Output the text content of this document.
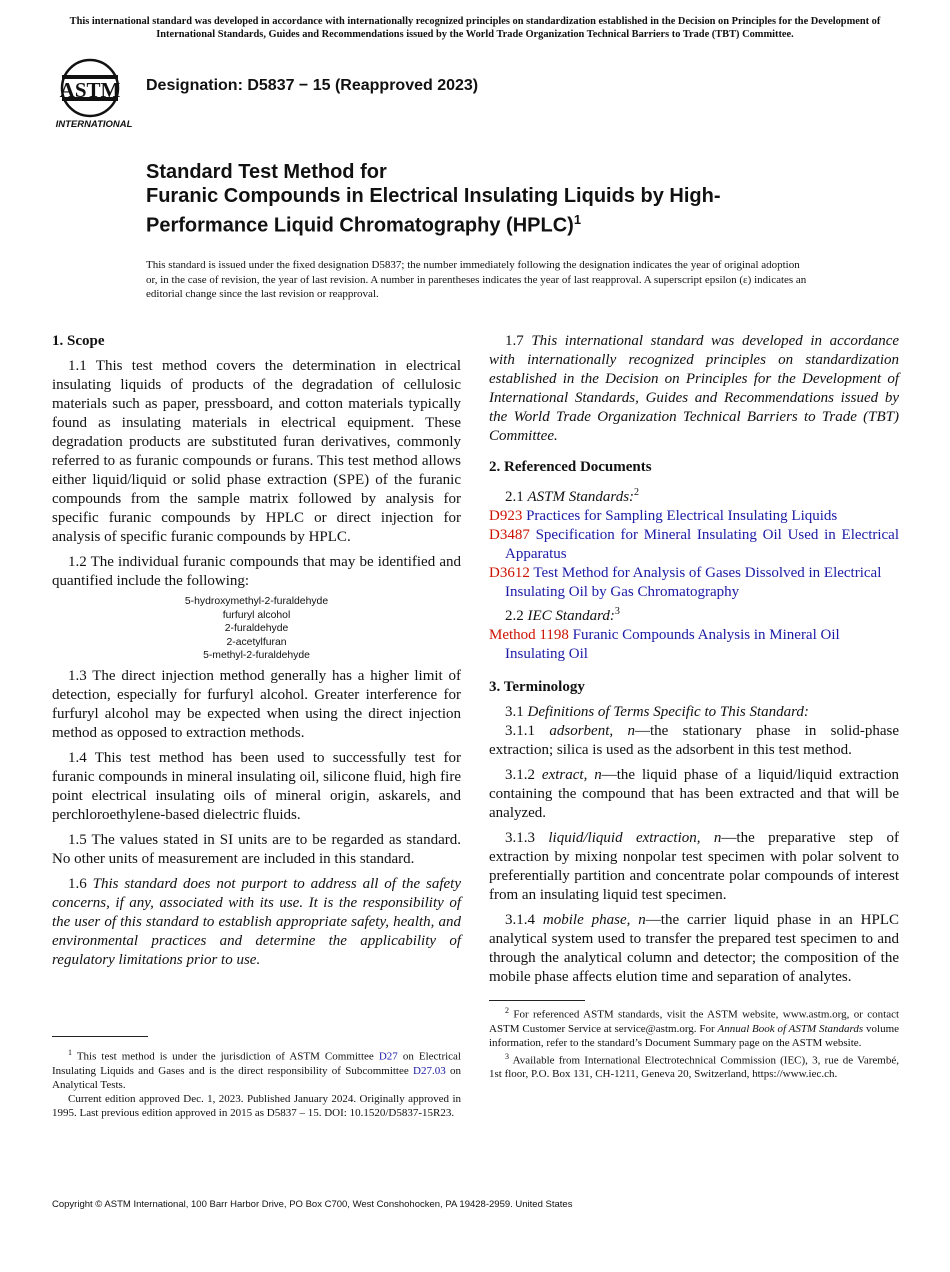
This international standard was developed in accordance with internationally recognized principles on standardization established in the Decision on Principles for the Development of International Standards, Guides and Recommendations issued by the World Trade Organization Technical Barriers to Trade (TBT) Committee.
ASTM
INTERNATIONAL
Designation: D5837 − 15 (Reapproved 2023)
Standard Test Method for
Furanic Compounds in Electrical Insulating Liquids by High-
Performance Liquid Chromatography (HPLC)$^1$
This standard is issued under the fixed designation D5837; the number immediately following the designation indicates the year of original adoption or, in the case of revision, the year of last revision. A number in parentheses indicates the year of last reapproval. A superscript epsilon (ε) indicates an editorial change since the last revision or reapproval.

1. Scope

1.1 This test method covers the determination in electrical insulating liquids of products of the degradation of cellulosic materials such as paper, pressboard, and cotton materials typically found as insulating materials in electrical equipment. These degradation products are substituted furan derivatives, commonly referred to as furanic compounds or furans. This test method allows either liquid/liquid or solid phase extraction (SPE) of the furanic compounds from the sample matrix followed by analysis for specific furanic compounds by HPLC or direct injection for analysis of specific furanic compounds by HPLC.

1.2 The individual furanic compounds that may be identified and quantified include the following:

5-hydroxymethyl-2-furaldehyde
furfuryl alcohol
2-furaldehyde
2-acetylfuran
5-methyl-2-furaldehyde

1.3 The direct injection method generally has a higher limit of detection, especially for furfuryl alcohol. Greater interference for furfuryl alcohol may be expected when using the direct injection method as opposed to extraction methods.

1.4 This test method has been used to successfully test for furanic compounds in mineral insulating oil, silicone fluid, high fire point electrical insulating oils of mineral origin, askarels, and perchloroethylene-based dielectric fluids.

1.5 The values stated in SI units are to be regarded as standard. No other units of measurement are included in this standard.

1.6 This standard does not purport to address all of the safety concerns, if any, associated with its use. It is the responsibility of the user of this standard to establish appropriate safety, health, and environmental practices and determine the applicability of regulatory limitations prior to use.

1.7 This international standard was developed in accordance with internationally recognized principles on standardization established in the Decision on Principles for the Development of International Standards, Guides and Recommendations issued by the World Trade Organization Technical Barriers to Trade (TBT) Committee.

2. Referenced Documents

2.1 ASTM Standards:$^2$

D923 Practices for Sampling Electrical Insulating Liquids

D3487 Specification for Mineral Insulating Oil Used in Electrical Apparatus

D3612 Test Method for Analysis of Gases Dissolved in Electrical Insulating Oil by Gas Chromatography

2.2 IEC Standard:$^3$

Method 1198 Furanic Compounds Analysis in Mineral Oil Insulating Oil

3. Terminology

3.1 Definitions of Terms Specific to This Standard:

3.1.1 adsorbent, n—the stationary phase in solid-phase extraction; silica is used as the adsorbent in this test method.

3.1.2 extract, n—the liquid phase of a liquid/liquid extraction containing the compound that has been extracted and that will be analyzed.

3.1.3 liquid/liquid extraction, n—the preparative step of extraction by mixing nonpolar test specimen with polar solvent to preferentially partition and concentrate polar compounds of interest from an insulating liquid test specimen.

3.1.4 mobile phase, n—the carrier liquid phase in an HPLC analytical system used to transfer the prepared test specimen to and through the analytical column and detector; the composition of the mobile phase affects elution time and separation of analytes.

$^1$ This test method is under the jurisdiction of ASTM Committee D27 on Electrical Insulating Liquids and Gases and is the direct responsibility of Subcommittee D27.03 on Analytical Tests.

Current edition approved Dec. 1, 2023. Published January 2024. Originally approved in 1995. Last previous edition approved in 2015 as D5837 – 15. DOI: 10.1520/D5837-15R23.

$^2$ For referenced ASTM standards, visit the ASTM website, www.astm.org, or contact ASTM Customer Service at service@astm.org. For Annual Book of ASTM Standards volume information, refer to the standard’s Document Summary page on the ASTM website.

$^3$ Available from International Electrotechnical Commission (IEC), 3, rue de Varembé, 1st floor, P.O. Box 131, CH-1211, Geneva 20, Switzerland, https://www.iec.ch.

Copyright © ASTM International, 100 Barr Harbor Drive, PO Box C700, West Conshohocken, PA 19428-2959. United States
